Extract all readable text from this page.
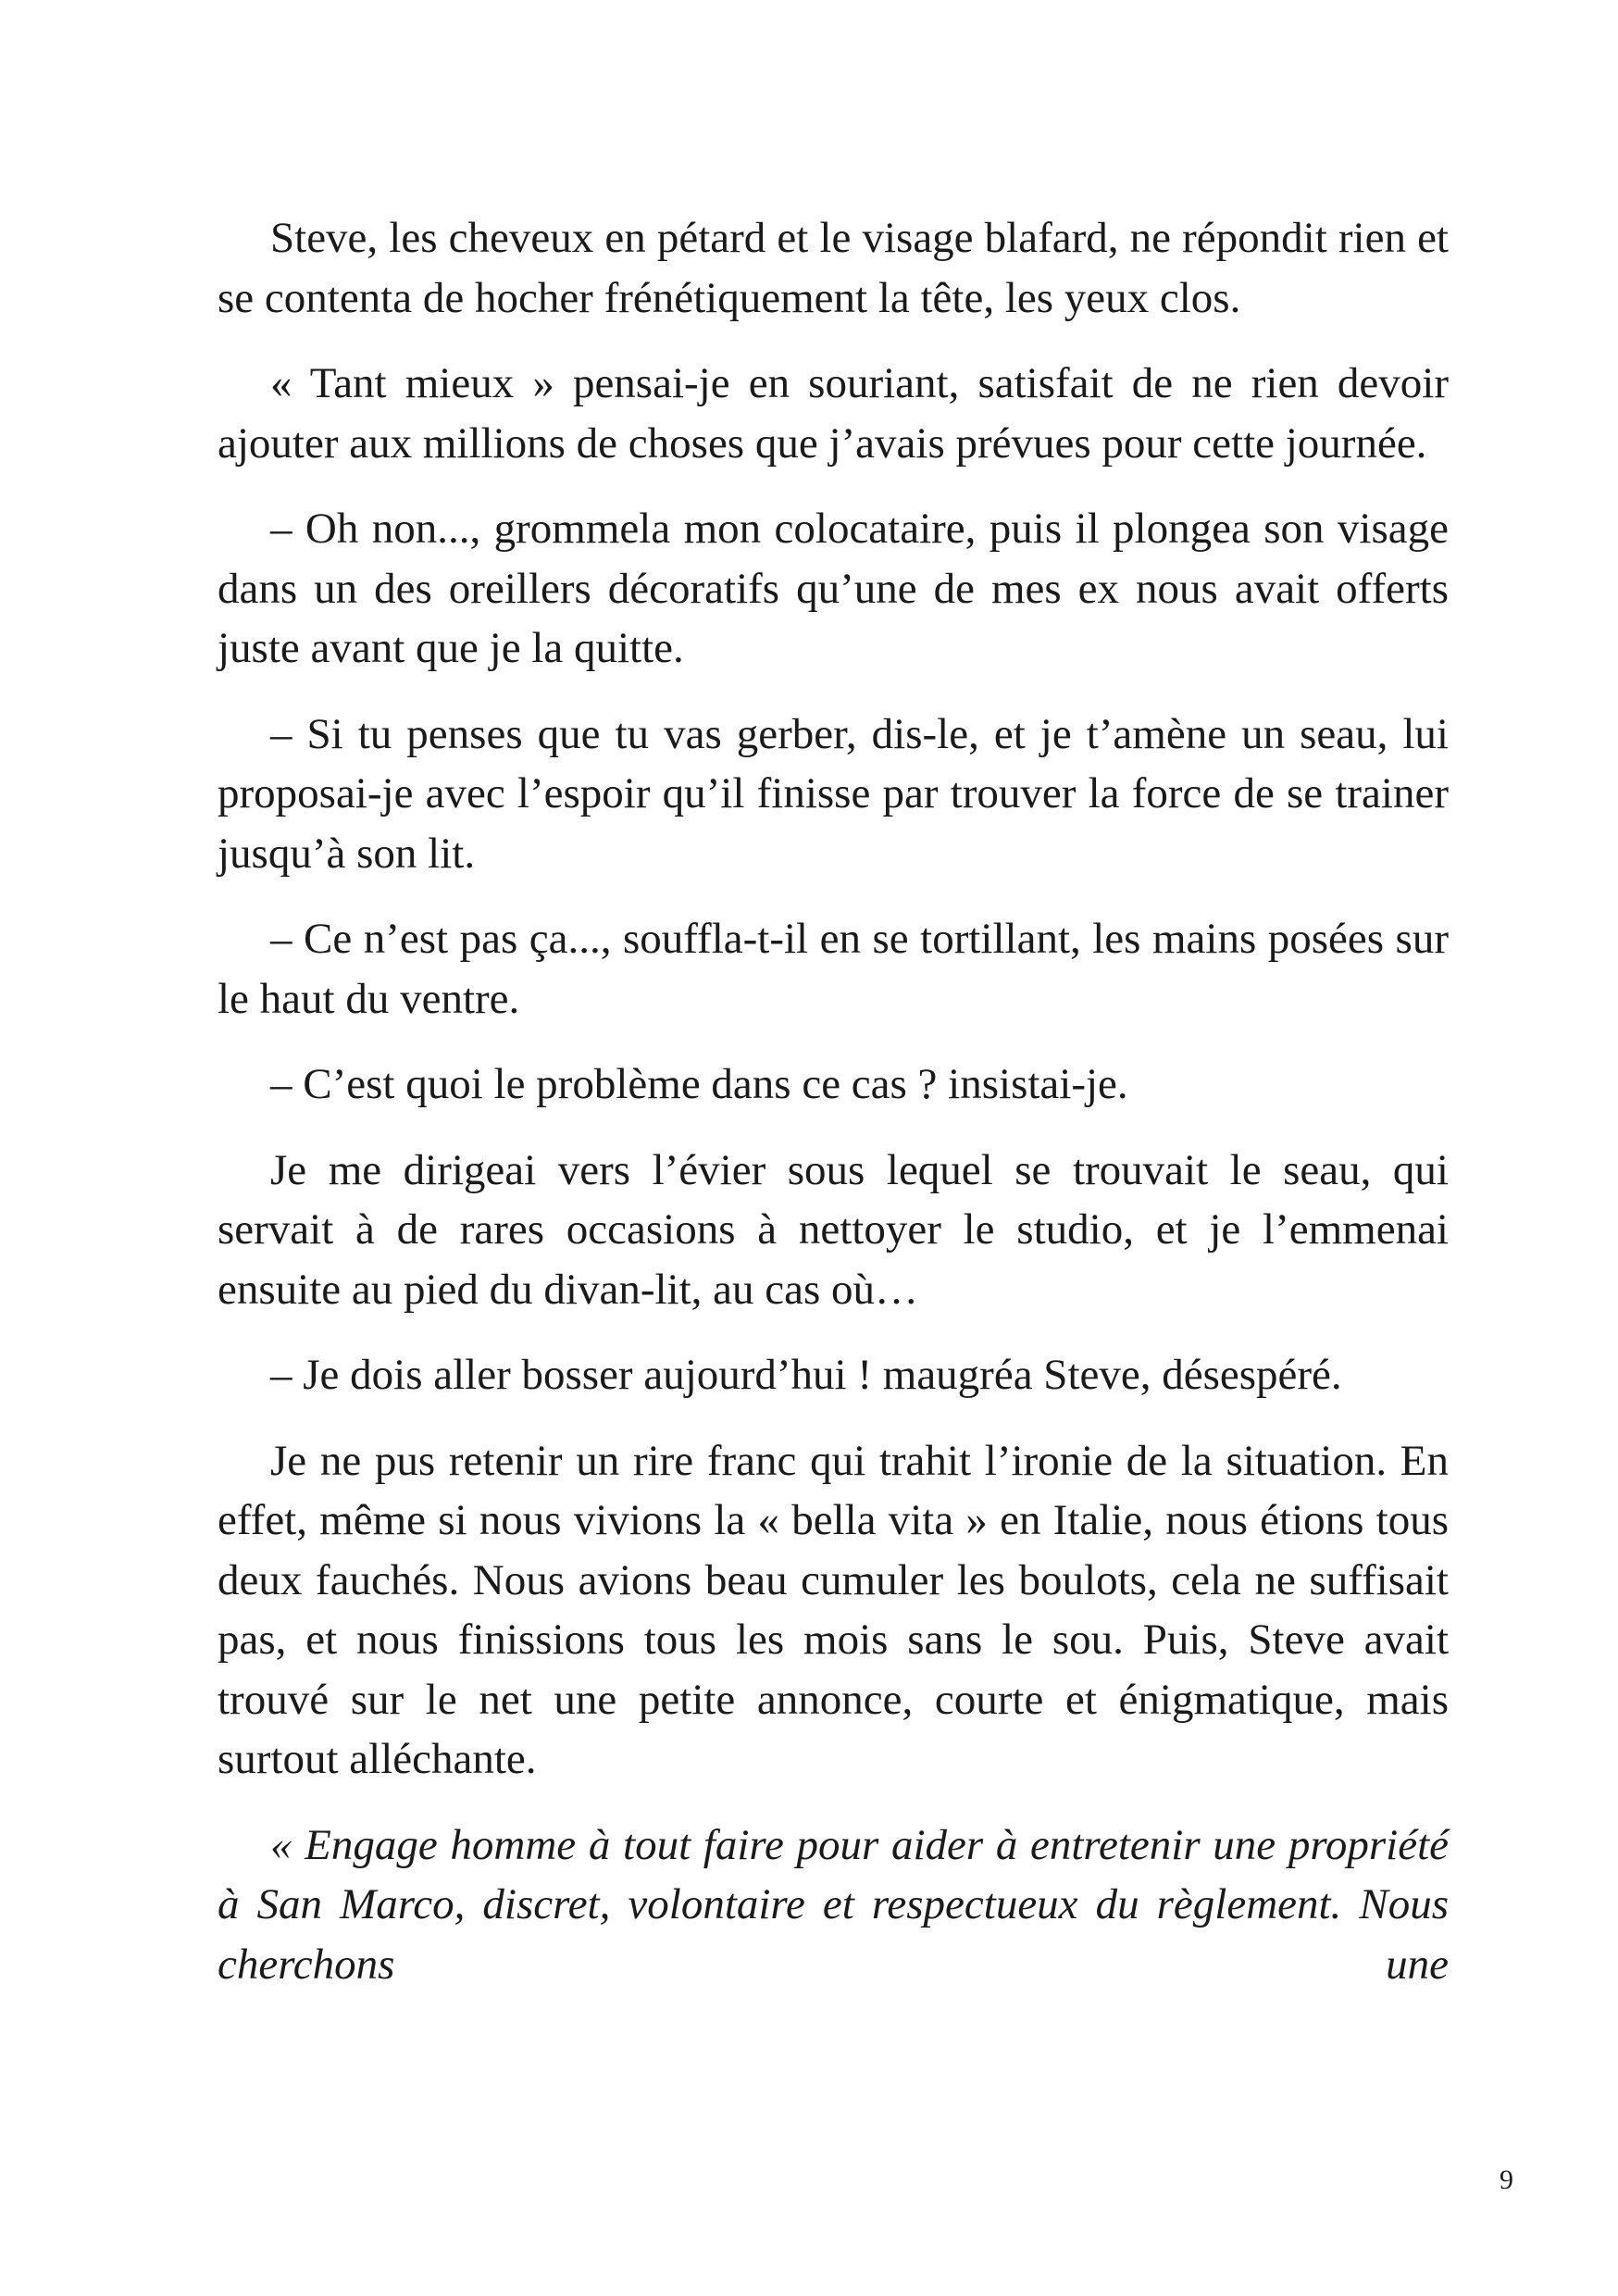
Steve, les cheveux en pétard et le visage blafard, ne répondit rien et se contenta de hocher frénétiquement la tête, les yeux clos.

« Tant mieux » pensai-je en souriant, satisfait de ne rien devoir ajouter aux millions de choses que j’avais prévues pour cette journée.

– Oh non..., grommela mon colocataire, puis il plongea son visage dans un des oreillers décoratifs qu’une de mes ex nous avait offerts juste avant que je la quitte.

– Si tu penses que tu vas gerber, dis-le, et je t’amène un seau, lui proposai-je avec l’espoir qu’il finisse par trouver la force de se trainer jusqu’à son lit.

– Ce n’est pas ça..., souffla-t-il en se tortillant, les mains posées sur le haut du ventre.

– C’est quoi le problème dans ce cas ? insistai-je.

Je me dirigeai vers l’évier sous lequel se trouvait le seau, qui servait à de rares occasions à nettoyer le studio, et je l’emmenai ensuite au pied du divan-lit, au cas où…

– Je dois aller bosser aujourd’hui ! maugréa Steve, désespéré.

Je ne pus retenir un rire franc qui trahit l’ironie de la situation. En effet, même si nous vivions la « bella vita » en Italie, nous étions tous deux fauchés. Nous avions beau cumuler les boulots, cela ne suffisait pas, et nous finissions tous les mois sans le sou. Puis, Steve avait trouvé sur le net une petite annonce, courte et énigmatique, mais surtout alléchante.

« Engage homme à tout faire pour aider à entretenir une propriété à San Marco, discret, volontaire et respectueux du règlement. Nous cherchons une

9
